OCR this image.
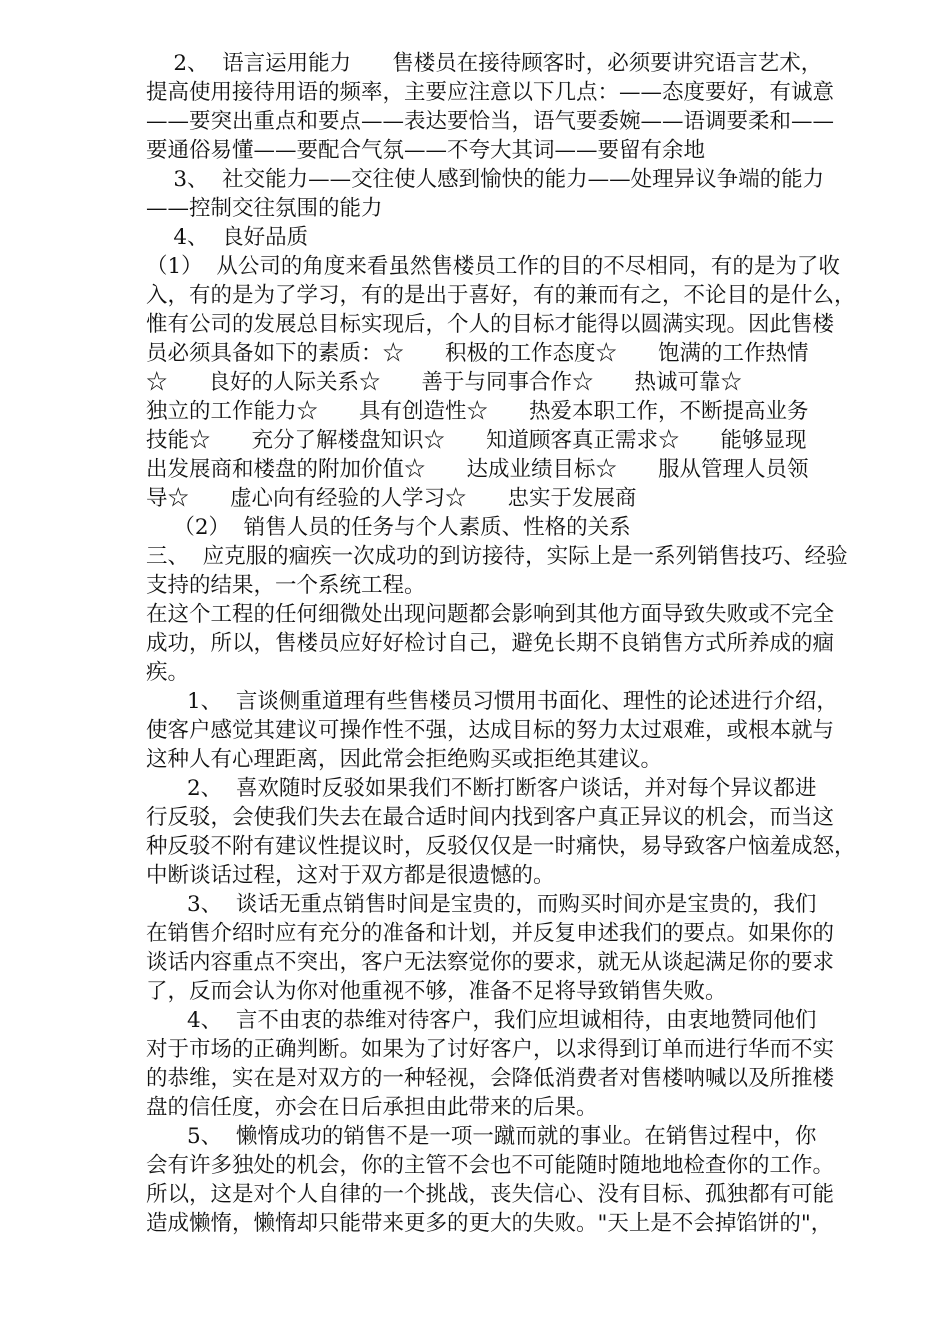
2、  语言运用能力      售楼员在接待顾客时，必须要讲究语言艺术，
提高使用接待用语的频率，主要应注意以下几点：——态度要好，有诚意
——要突出重点和要点——表达要恰当，语气要委婉——语调要柔和——
要通俗易懂——要配合气氛——不夸大其词——要留有余地
3、  社交能力——交往使人感到愉快的能力——处理异议争端的能力
——控制交往氛围的能力
4、  良好品质
（1）  从公司的角度来看虽然售楼员工作的目的不尽相同，有的是为了收
入，有的是为了学习，有的是出于喜好，有的兼而有之，不论目的是什么，
惟有公司的发展总目标实现后，个人的目标才能得以圆满实现。因此售楼
员必须具备如下的素质：☆      积极的工作态度☆      饱满的工作热情
☆      良好的人际关系☆      善于与同事合作☆      热诚可靠☆
独立的工作能力☆      具有创造性☆      热爱本职工作，不断提高业务
技能☆      充分了解楼盘知识☆      知道顾客真正需求☆      能够显现
出发展商和楼盘的附加价值☆      达成业绩目标☆      服从管理人员领
导☆      虚心向有经验的人学习☆      忠实于发展商
（2）  销售人员的任务与个人素质、性格的关系
三、  应克服的痼疾一次成功的到访接待，实际上是一系列销售技巧、经验
支持的结果，一个系统工程。
在这个工程的任何细微处出现问题都会影响到其他方面导致失败或不完全
成功，所以，售楼员应好好检讨自己，避免长期不良销售方式所养成的痼
疾。
1、  言谈侧重道理有些售楼员习惯用书面化、理性的论述进行介绍，
使客户感觉其建议可操作性不强，达成目标的努力太过艰难，或根本就与
这种人有心理距离，因此常会拒绝购买或拒绝其建议。
2、  喜欢随时反驳如果我们不断打断客户谈话，并对每个异议都进
行反驳，会使我们失去在最合适时间内找到客户真正异议的机会，而当这
种反驳不附有建议性提议时，反驳仅仅是一时痛快，易导致客户恼羞成怒，
中断谈话过程，这对于双方都是很遗憾的。
3、  谈话无重点销售时间是宝贵的，而购买时间亦是宝贵的，我们
在销售介绍时应有充分的准备和计划，并反复申述我们的要点。如果你的
谈话内容重点不突出，客户无法察觉你的要求，就无从谈起满足你的要求
了，反而会认为你对他重视不够，准备不足将导致销售失败。
4、  言不由衷的恭维对待客户，我们应坦诚相待，由衷地赞同他们
对于市场的正确判断。如果为了讨好客户，以求得到订单而进行华而不实
的恭维，实在是对双方的一种轻视，会降低消费者对售楼呐喊以及所推楼
盘的信任度，亦会在日后承担由此带来的后果。
5、  懒惰成功的销售不是一项一蹴而就的事业。在销售过程中，你
会有许多独处的机会，你的主管不会也不可能随时随地地检查你的工作。
所以，这是对个人自律的一个挑战，丧失信心、没有目标、孤独都有可能
造成懒惰，懒惰却只能带来更多的更大的失败。"天上是不会掉馅饼的"，
